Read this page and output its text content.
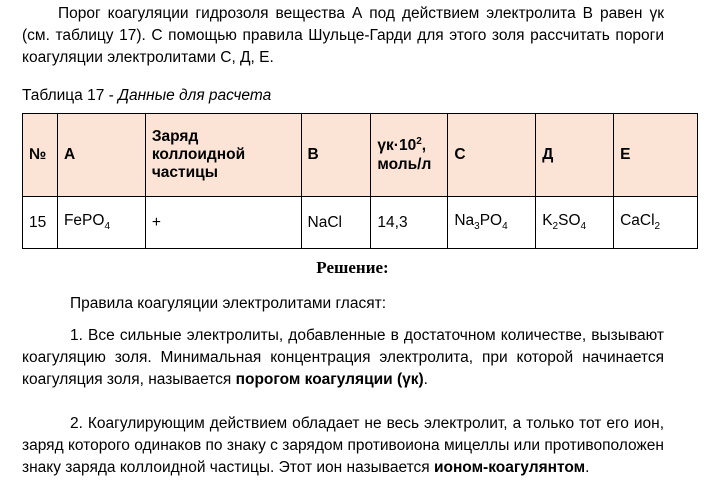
Порог коагуляции гидрозоля вещества А под действием электролита В равен γк (см. таблицу 17). С помощью правила Шульце-Гарди для этого золя рассчитать пороги коагуляции электролитами С, Д, Е.

Таблица 17 - Данные для расчета

№	А	Заряд коллоидной частицы	В	$\gamma к\cdot 10^2$, моль/л	С	Д	Е
15	FePO$_4$	+	NaCl	14,3	$Na_3PO_4$	$K_2SO_4$	CaCl$_2$

Решение:

Правила коагуляции электролитами гласят:

1. Все сильные электролиты, добавленные в достаточном количестве, вызывают коагуляцию золя. Минимальная концентрация электролита, при которой начинается коагуляция золя, называется порогом коагуляции (γк).

2. Коагулирующим действием обладает не весь электролит, а только тот его ион, заряд которого одинаков по знаку с зарядом противоиона мицеллы или противоположен знаку заряда коллоидной частицы. Этот ион называется ионом-коагулянтом.
